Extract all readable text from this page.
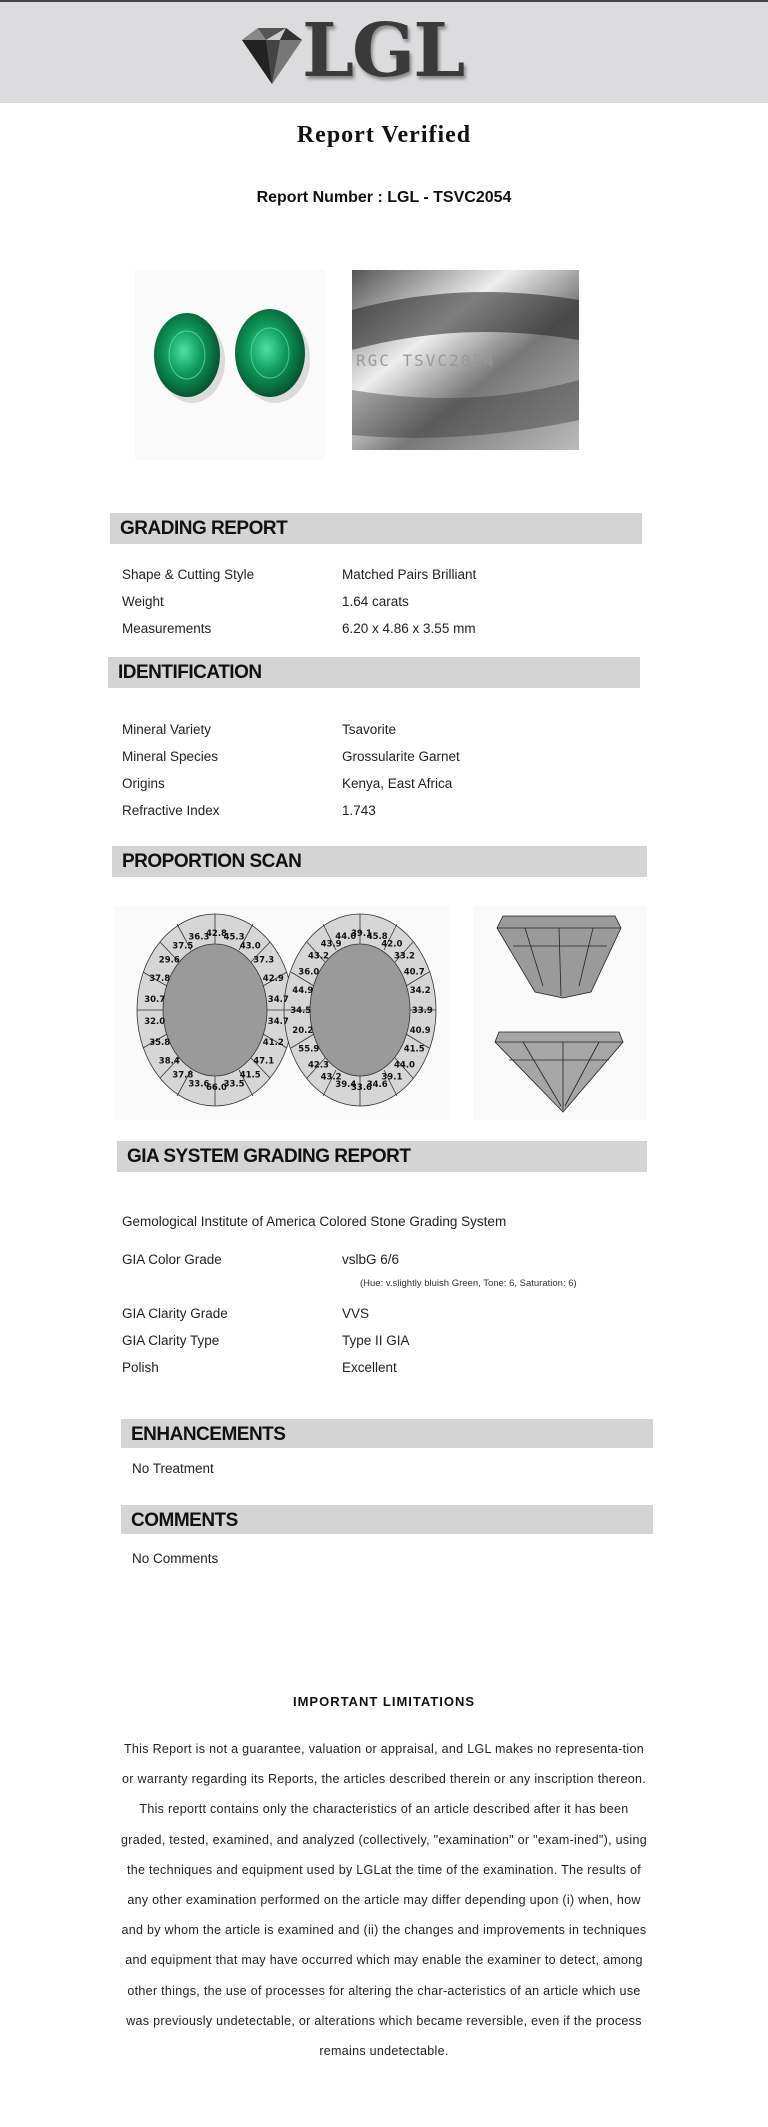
LGL
Report Verified
Report Number : LGL - TSVC2054
RGC TSVC2054
GRADING REPORT
Shape & Cutting Style	Matched Pairs Brilliant
Weight	1.64 carats
Measurements	6.20 x 4.86 x 3.55 mm
IDENTIFICATION
Mineral Variety	Tsavorite
Mineral Species	Grossularite Garnet
Origins	Kenya, East Africa
Refractive Index	1.743
PROPORTION SCAN
42.8
45.3
43.0
37.3
42.9
34.7
34.7
41.2
47.1
41.5
33.5
66.0
33.6
37.8
38.4
35.8
32.0
30.7
37.8
29.6
37.5
36.3	39.1
45.8
42.0
33.2
40.7
34.2
33.9
40.9
41.5
44.0
39.1
34.6
33.6
39.4
43.2
42.3
55.9
20.2
34.5
44.9
36.0
43.2
43.9
44.0
GIA SYSTEM GRADING REPORT
Gemological Institute of America Colored Stone Grading System
GIA Color Grade	vslbG 6/6
(Hue: v.slightly bluish Green, Tone: 6, Saturation: 6)
GIA Clarity Grade	VVS
GIA Clarity Type	Type II GIA
Polish	Excellent
ENHANCEMENTS
No Treatment
COMMENTS
No Comments
IMPORTANT LIMITATIONS
This Report is not a guarantee, valuation or appraisal, and LGL makes no representa-tion or warranty regarding its Reports, the articles described therein or any inscription thereon. This reportt contains only the characteristics of an article described after it has been graded, tested, examined, and analyzed (collectively, "examination" or "exam-ined"), using the techniques and equipment used by LGLat the time of the examination. The results of any other examination performed on the article may differ depending upon (i) when, how and by whom the article is examined and (ii) the changes and improvements in techniques and equipment that may have occurred which may enable the examiner to detect, among other things, the use of processes for altering the char-acteristics of an article which use was previously undetectable, or alterations which became reversible, even if the process remains undetectable.
